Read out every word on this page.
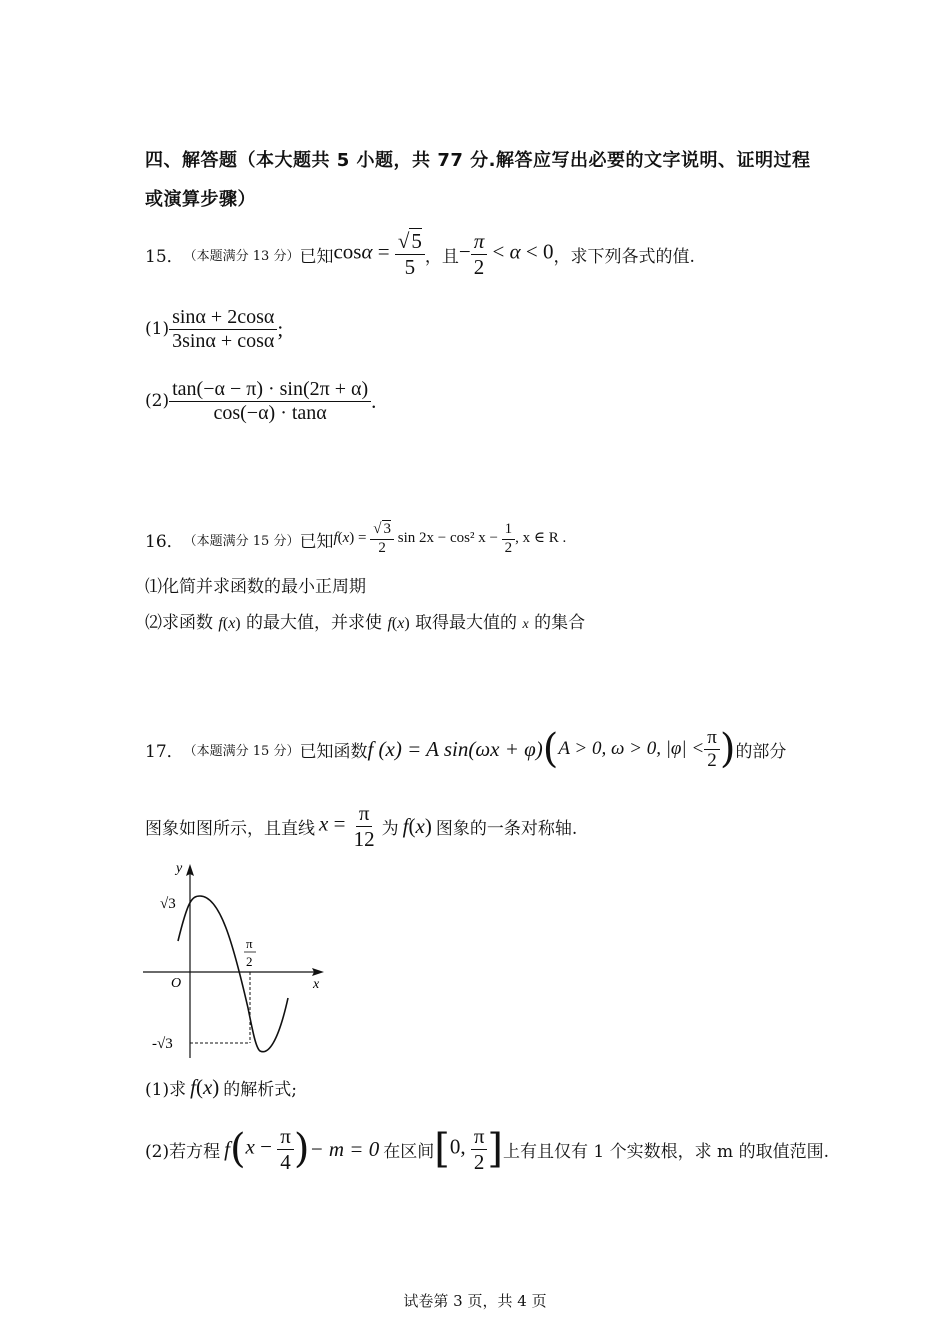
四、解答题（本大题共 5 小题，共 77 分.解答应写出必要的文字说明、证明过程
或演算步骤）
15． （本题满分 13 分） 已知 $\cos\alpha = \frac{√5}{5}$ ，且 − $\frac{\pi}{2} < \alpha < 0$ ，求下列各式的值.
$(1) \frac{\sin\alpha + 2\cos\alpha}{3\sin\alpha + \cos\alpha}$ ;
$(2) \frac{\tan(-\alpha - \pi) \cdot \sin(2\pi + \alpha)}{\cos(-\alpha) \cdot \tan\alpha}$ .
16． （本题满分 15 分） 已知 $f(x) = \frac{√ 3}{2}$ sin 2x − cos² $x - \frac{1}{2}$ , x ∈ R .
⑴化简并求函数的最小正周期
⑵求函数 f(x) 的最大值，并求使 f(x) 取得最大值的 x 的集合
17． （本题满分 15 分） 已知函数 f (x) = A sin(ωx + φ) ( A > 0, ω > 0, $|\varphi| < \frac{\pi}{2}$ ) 的部分
图象如图所示，且直线 $x = \frac{\pi}{12}$ 为 f(x) 图象的一条对称轴.
y
x
O
√3
-√3
π
2
(1)求 f(x) 的解析式;
(2)若方程 f ( $x - \frac{\pi}{4}$ ) − m = 0 在区间 [ 0, $\frac{\pi}{2}$ ] 上有且仅有 1 个实数根，求 m 的取值范围.
试卷第 3 页，共 4 页
